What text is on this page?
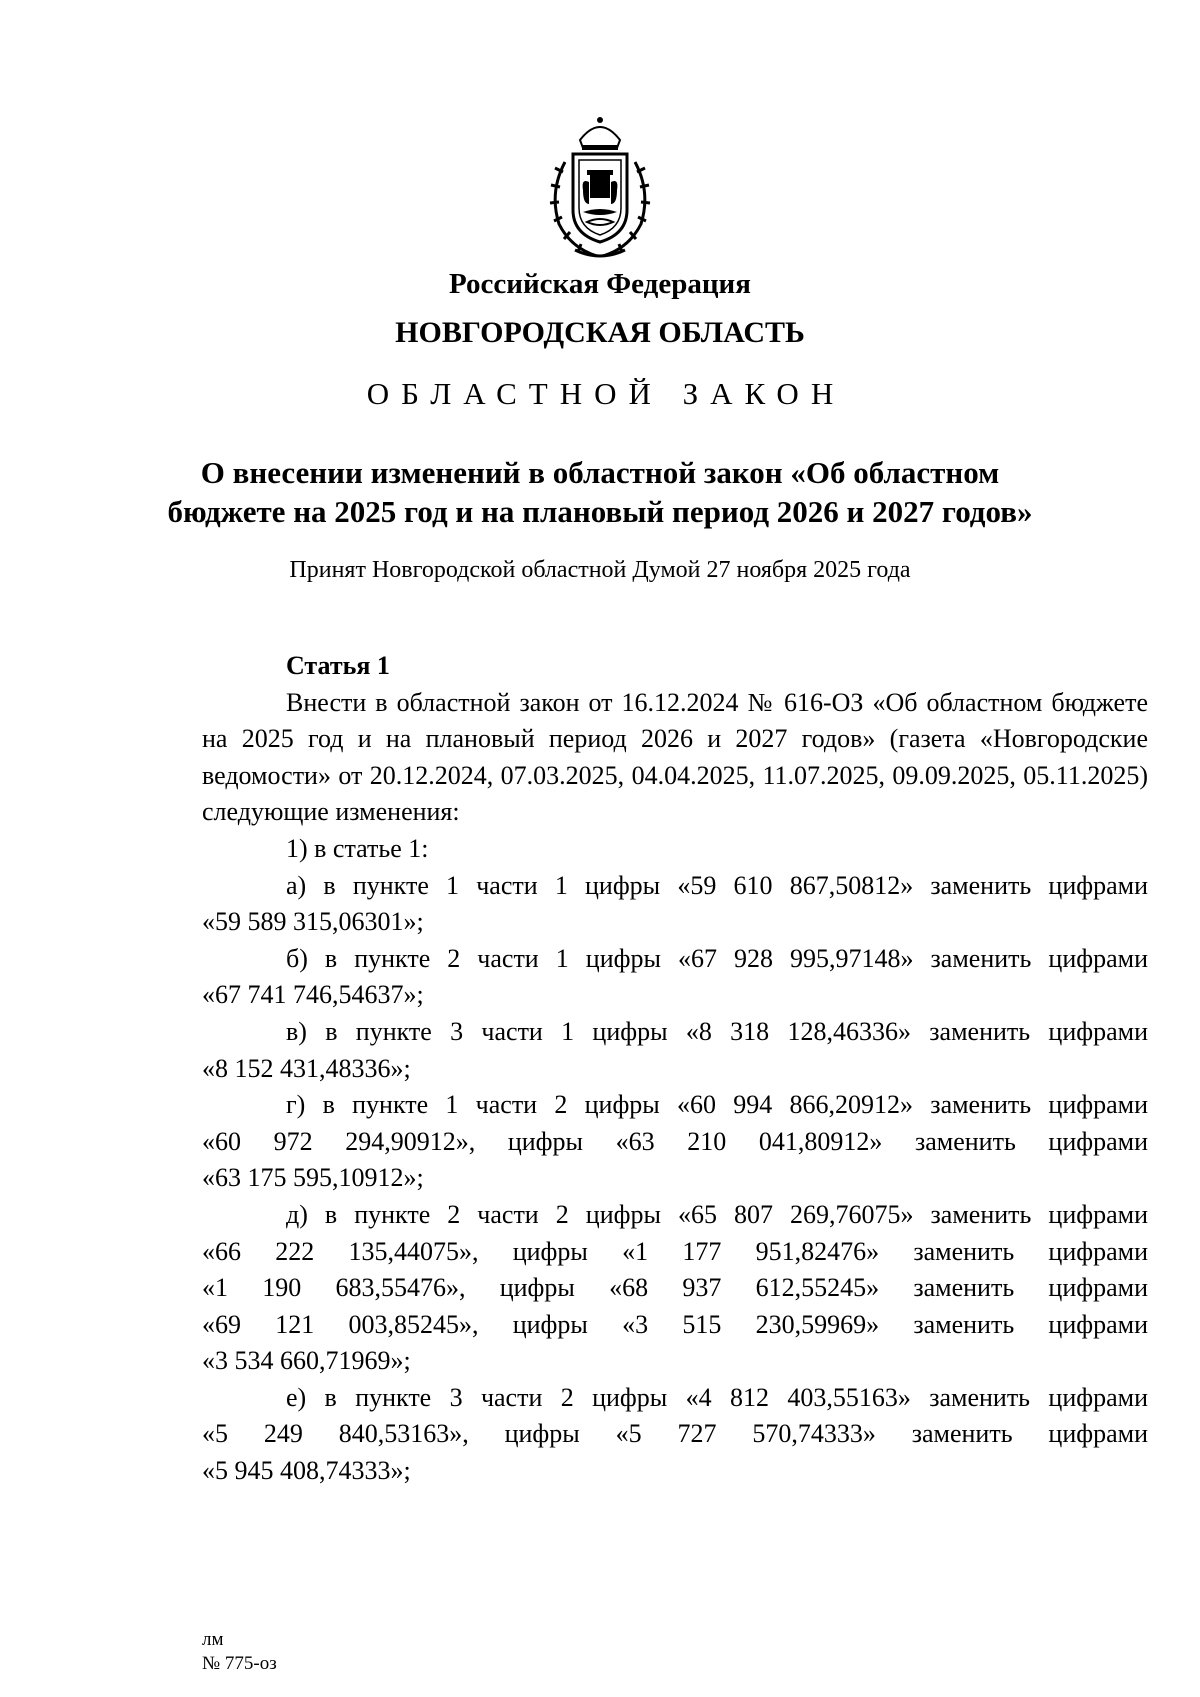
Российская Федерация
НОВГОРОДСКАЯ ОБЛАСТЬ
ОБЛАСТНОЙ ЗАКОН
О внесении изменений в областной закон «Об областном
бюджете на 2025 год и на плановый период 2026 и 2027 годов»
Принят Новгородской областной Думой 27 ноября 2025 года
Статья 1
Внести в областной закон от 16.12.2024 № 616-ОЗ «Об областном бюджете на 2025 год и на плановый период 2026 и 2027 годов» (газета «Новгородские ведомости» от 20.12.2024, 07.03.2025, 04.04.2025, 11.07.2025, 09.09.2025, 05.11.2025) следующие изменения:
1) в статье 1:
а) в пункте 1 части 1 цифры «59 610 867,50812» заменить цифрами
«59 589 315,06301»;
б) в пункте 2 части 1 цифры «67 928 995,97148» заменить цифрами
«67 741 746,54637»;
в) в пункте 3 части 1 цифры «8 318 128,46336» заменить цифрами
«8 152 431,48336»;
г) в пункте 1 части 2 цифры «60 994 866,20912» заменить цифрами
«60 972 294,90912», цифры «63 210 041,80912» заменить цифрами
«63 175 595,10912»;
д) в пункте 2 части 2 цифры «65 807 269,76075» заменить цифрами
«66 222 135,44075», цифры «1 177 951,82476» заменить цифрами
«1 190 683,55476», цифры «68 937 612,55245» заменить цифрами
«69 121 003,85245», цифры «3 515 230,59969» заменить цифрами
«3 534 660,71969»;
е) в пункте 3 части 2 цифры «4 812 403,55163» заменить цифрами
«5 249 840,53163», цифры «5 727 570,74333» заменить цифрами
«5 945 408,74333»;
лм
№ 775-оз
